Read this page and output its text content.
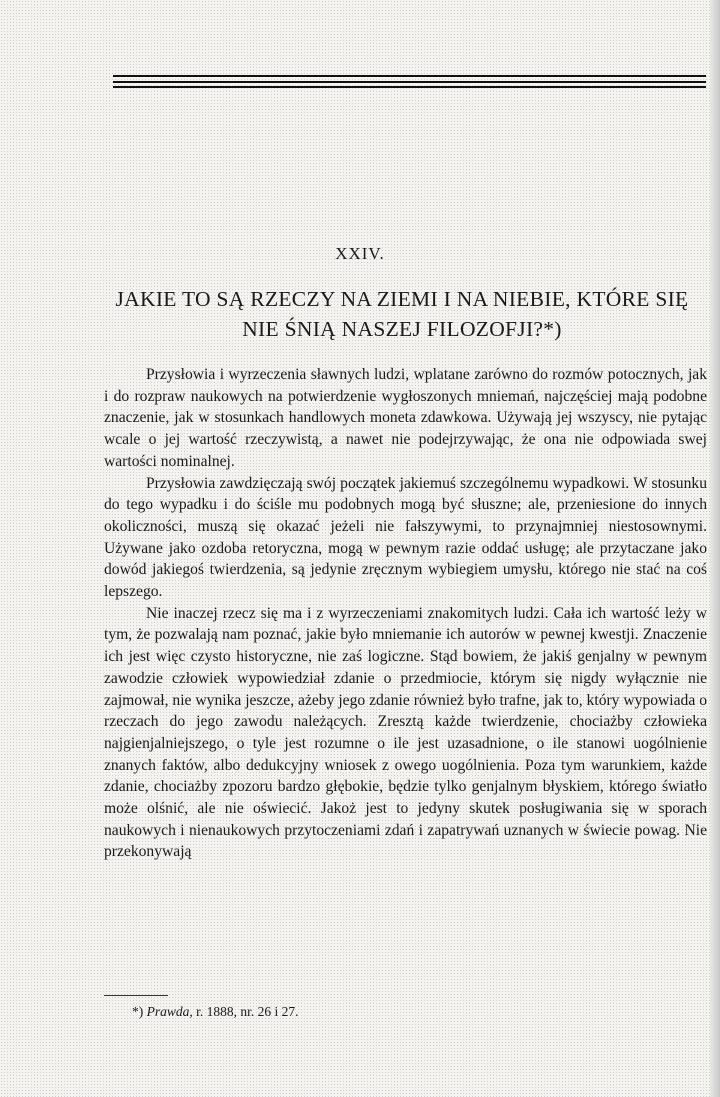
XXIV.
JAKIE TO SĄ RZECZY NA ZIEMI I NA NIEBIE, KTÓRE SIĘ NIE ŚNIĄ NASZEJ FILOZOFJI?*)

Przysłowia i wyrzeczenia sławnych ludzi, wplatane zarówno do rozmów potocznych, jak i do rozpraw naukowych na potwierdzenie wygłoszonych mniemań, najczęściej mają podobne znaczenie, jak w stosunkach handlowych moneta zdawkowa. Używają jej wszyscy, nie pytając wcale o jej wartość rzeczywistą, a nawet nie podejrzywając, że ona nie odpowiada swej wartości nominalnej.

Przysłowia zawdzięczają swój początek jakiemuś szczególnemu wypadkowi. W stosunku do tego wypadku i do ściśle mu podobnych mogą być słuszne; ale, przeniesione do innych okoliczności, muszą się okazać jeżeli nie fałszywymi, to przynajmniej niestosownymi. Używane jako ozdoba retoryczna, mogą w pewnym razie oddać usługę; ale przytaczane jako dowód jakiegoś twierdzenia, są jedynie zręcznym wybiegiem umysłu, którego nie stać na coś lepszego.

Nie inaczej rzecz się ma i z wyrzeczeniami znakomitych ludzi. Cała ich wartość leży w tym, że pozwalają nam poznać, jakie było mniemanie ich autorów w pewnej kwestji. Znaczenie ich jest więc czysto historyczne, nie zaś logiczne. Stąd bowiem, że jakiś genjalny w pewnym zawodzie człowiek wypowiedział zdanie o przedmiocie, którym się nigdy wyłącznie nie zajmował, nie wynika jeszcze, ażeby jego zdanie również było trafne, jak to, który wypowiada o rzeczach do jego zawodu należących. Zresztą każde twierdzenie, chociażby człowieka najgienjalniejszego, o tyle jest rozumne o ile jest uzasadnione, o ile stanowi uogólnienie znanych faktów, albo dedukcyjny wniosek z owego uogólnienia. Poza tym warunkiem, każde zdanie, chociażby zpozoru bardzo głębokie, będzie tylko genjalnym błyskiem, którego światło może olśnić, ale nie oświecić. Jakoż jest to jedyny skutek posługiwania się w sporach naukowych i nienaukowych przytoczeniami zdań i zapatrywań uznanych w świecie powag. Nie przekonywają

*) Prawda, r. 1888, nr. 26 i 27.
